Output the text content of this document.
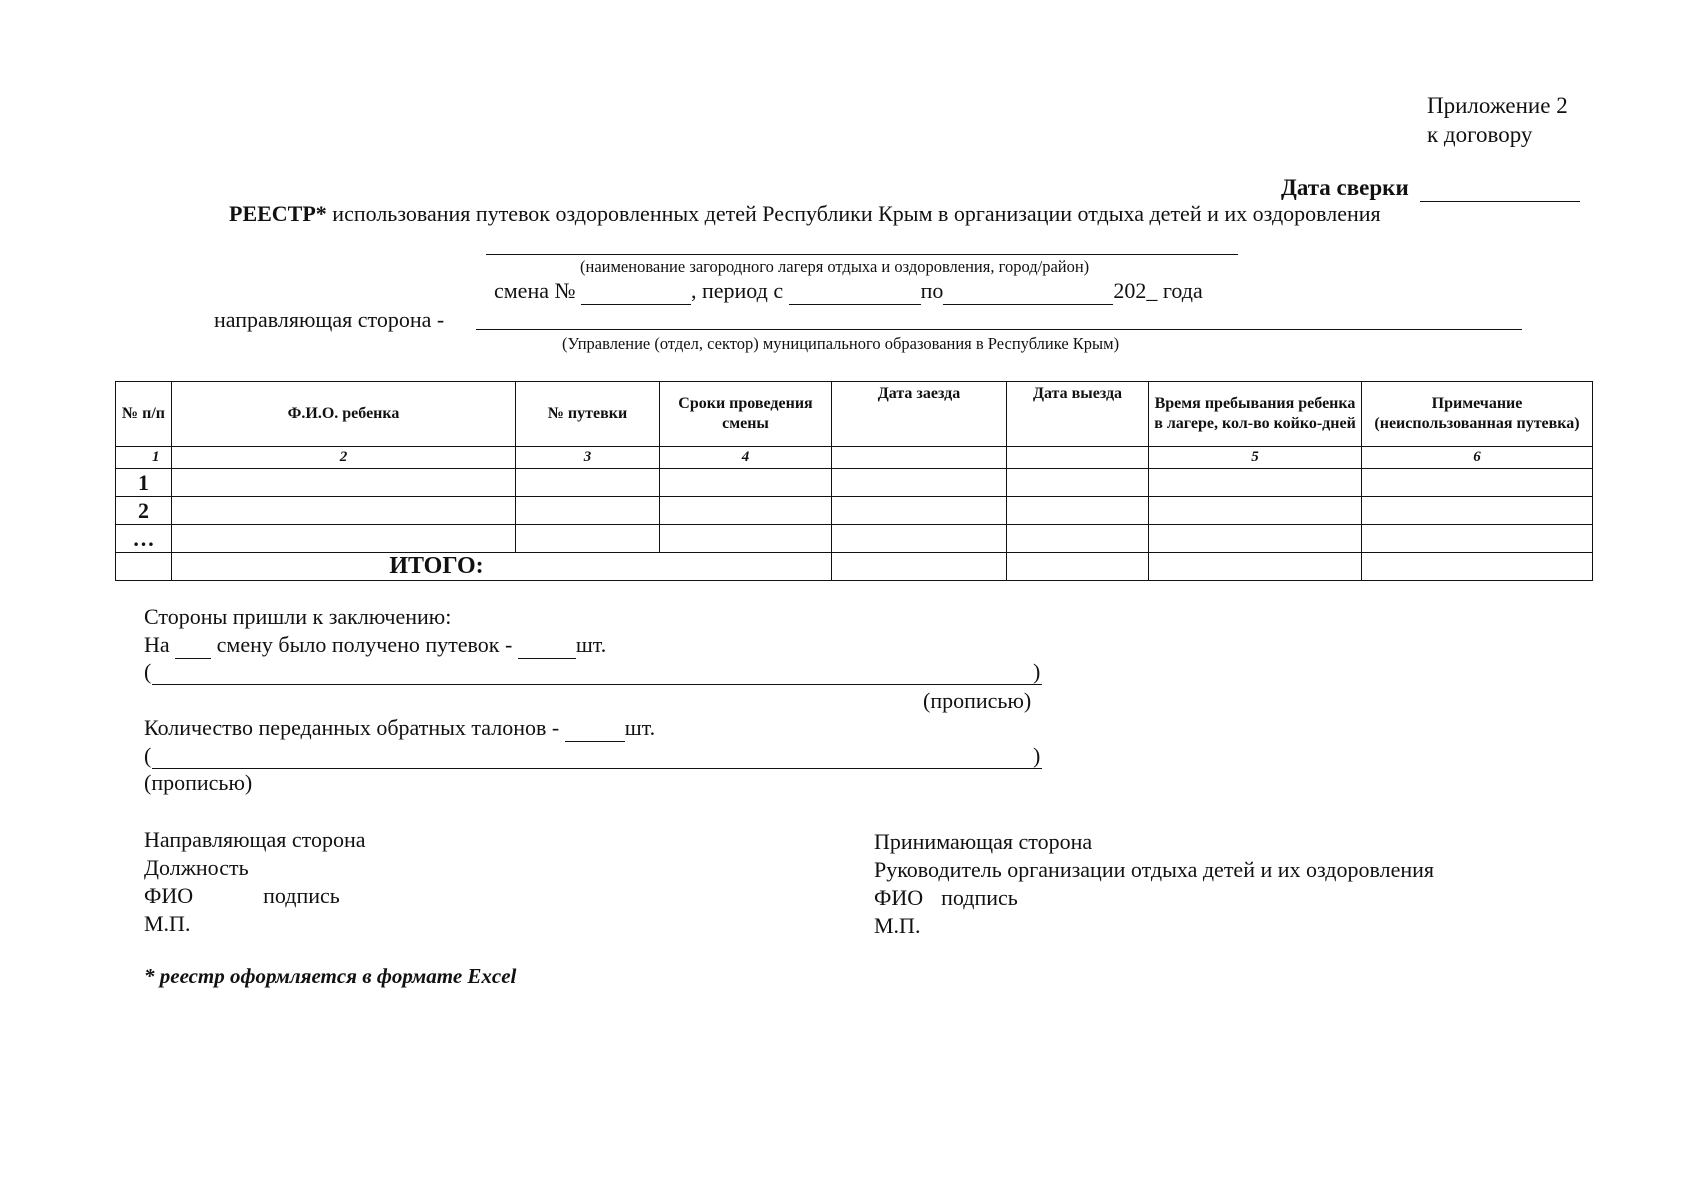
Приложение 2
к договору
Дата сверки
РЕЕСТР* использования путевок оздоровленных детей Республики Крым в организации отдыха детей и их оздоровления
(наименование загородного лагеря отдыха и оздоровления, город/район)
смена №	, период с	по	202_ года
направляющая сторона -
(Управление (отдел, сектор) муниципального образования в Республике Крым)
№ п/п	Ф.И.О. ребенка	№ путевки	Сроки проведения смены	Дата заезда	Дата выезда	Время пребывания ребенка в лагере, кол-во койко-дней	Примечание (неиспользованная путевка)
1	2	3	4			5	6
1							
2							
…							
	ИТОГО:						
Стороны пришли к заключению:
На смену было получено путевок -	шт.
(	)
(прописью)
Количество переданных обратных талонов -	шт.
(	)
(прописью)
Направляющая сторона
Должность
ФИО	подпись
М.П.
Принимающая сторона
Руководитель организации отдыха детей и их оздоровления
ФИО подпись
М.П.
* реестр оформляется в формате Excel
